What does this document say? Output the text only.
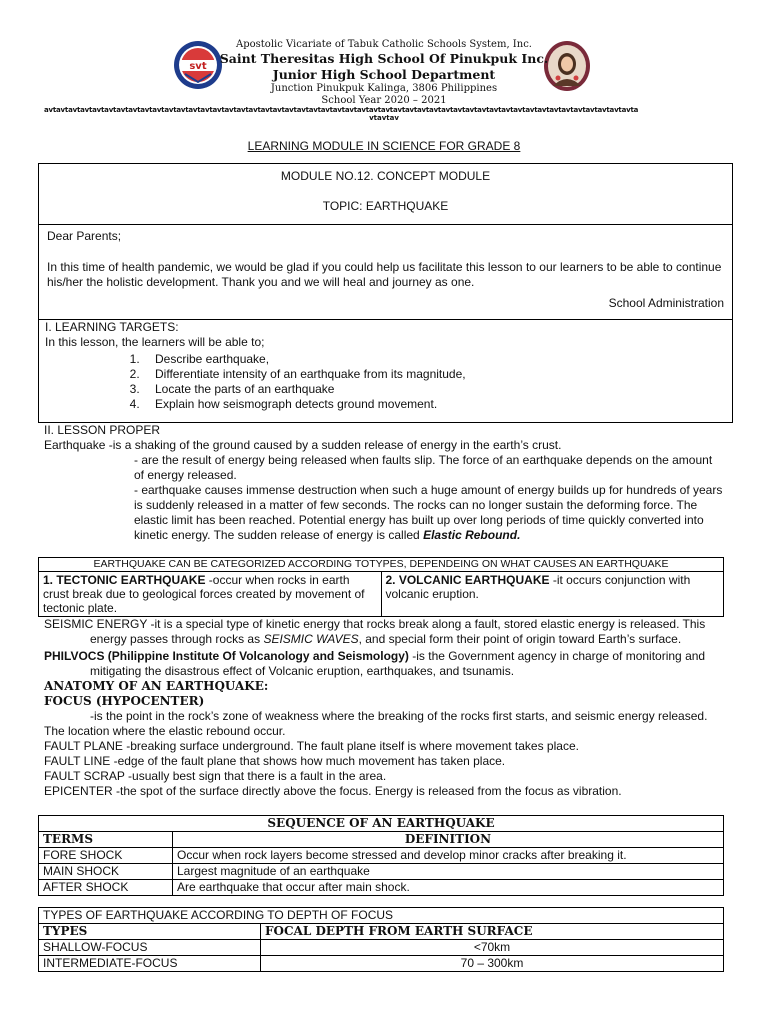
svt
Apostolic Vicariate of Tabuk Catholic Schools System, Inc.
Saint Theresitas High School Of Pinukpuk Inc.
Junior High School Department
Junction Pinukpuk Kalinga, 3806 Philippines
School Year 2020 – 2021
avtavtavtavtavtavtavtavtavtavtavtavtavtavtavtavtavtavtavtavtavtavtavtavtavtavtavtavtavtavtavtavtavtavtavtavtavtavtavtavtavtavtavtavtavtavtavtavtavta
vtavtav
LEARNING MODULE IN SCIENCE FOR GRADE 8
MODULE NO.12. CONCEPT MODULE
TOPIC: EARTHQUAKE
Dear Parents;
In this time of health pandemic, we would be glad if you could help us facilitate this lesson to our learners to be able to continue his/her the holistic development. Thank you and we will heal and journey as one.
School Administration
I. LEARNING TARGETS:
In this lesson, the learners will be able to;
1. Describe earthquake,
2. Differentiate intensity of an earthquake from its magnitude,
3. Locate the parts of an earthquake
4. Explain how seismograph detects ground movement.
II. LESSON PROPER
Earthquake -is a shaking of the ground caused by a sudden release of energy in the earth’s crust.
- are the result of energy being released when faults slip. The force of an earthquake depends on the amount of energy released.
- earthquake causes immense destruction when such a huge amount of energy builds up for hundreds of years is suddenly released in a matter of few seconds. The rocks can no longer sustain the deforming force. The elastic limit has been reached. Potential energy has built up over long periods of time quickly converted into kinetic energy. The sudden release of energy is called Elastic Rebound.
EARTHQUAKE CAN BE CATEGORIZED ACCORDING TOTYPES, DEPENDEING ON WHAT CAUSES AN EARTHQUAKE
1. TECTONIC EARTHQUAKE -occur when rocks in earth crust break due to geological forces created by movement of tectonic plate.	2. VOLCANIC EARTHQUAKE -it occurs conjunction with volcanic eruption.
SEISMIC ENERGY -it is a special type of kinetic energy that rocks break along a fault, stored elastic energy is released. This energy passes through rocks as SEISMIC WAVES, and special form their point of origin toward Earth’s surface.
PHILVOCS (Philippine Institute Of Volcanology and Seismology) -is the Government agency in charge of monitoring and mitigating the disastrous effect of Volcanic eruption, earthquakes, and tsunamis.
ANATOMY OF AN EARTHQUAKE:
FOCUS (HYPOCENTER)
-is the point in the rock’s zone of weakness where the breaking of the rocks first starts, and seismic energy released. The location where the elastic rebound occur.
FAULT PLANE -breaking surface underground. The fault plane itself is where movement takes place.
FAULT LINE -edge of the fault plane that shows how much movement has taken place.
FAULT SCRAP -usually best sign that there is a fault in the area.
EPICENTER -the spot of the surface directly above the focus. Energy is released from the focus as vibration.
SEQUENCE OF AN EARTHQUAKE	
TERMS	DEFINITION
FORE SHOCK	Occur when rock layers become stressed and develop minor cracks after breaking it.
MAIN SHOCK	Largest magnitude of an earthquake
AFTER SHOCK	Are earthquake that occur after main shock.
TYPES OF EARTHQUAKE ACCORDING TO DEPTH OF FOCUS	
TYPES	FOCAL DEPTH FROM EARTH SURFACE
SHALLOW-FOCUS	<70km
INTERMEDIATE-FOCUS	70 – 300km
